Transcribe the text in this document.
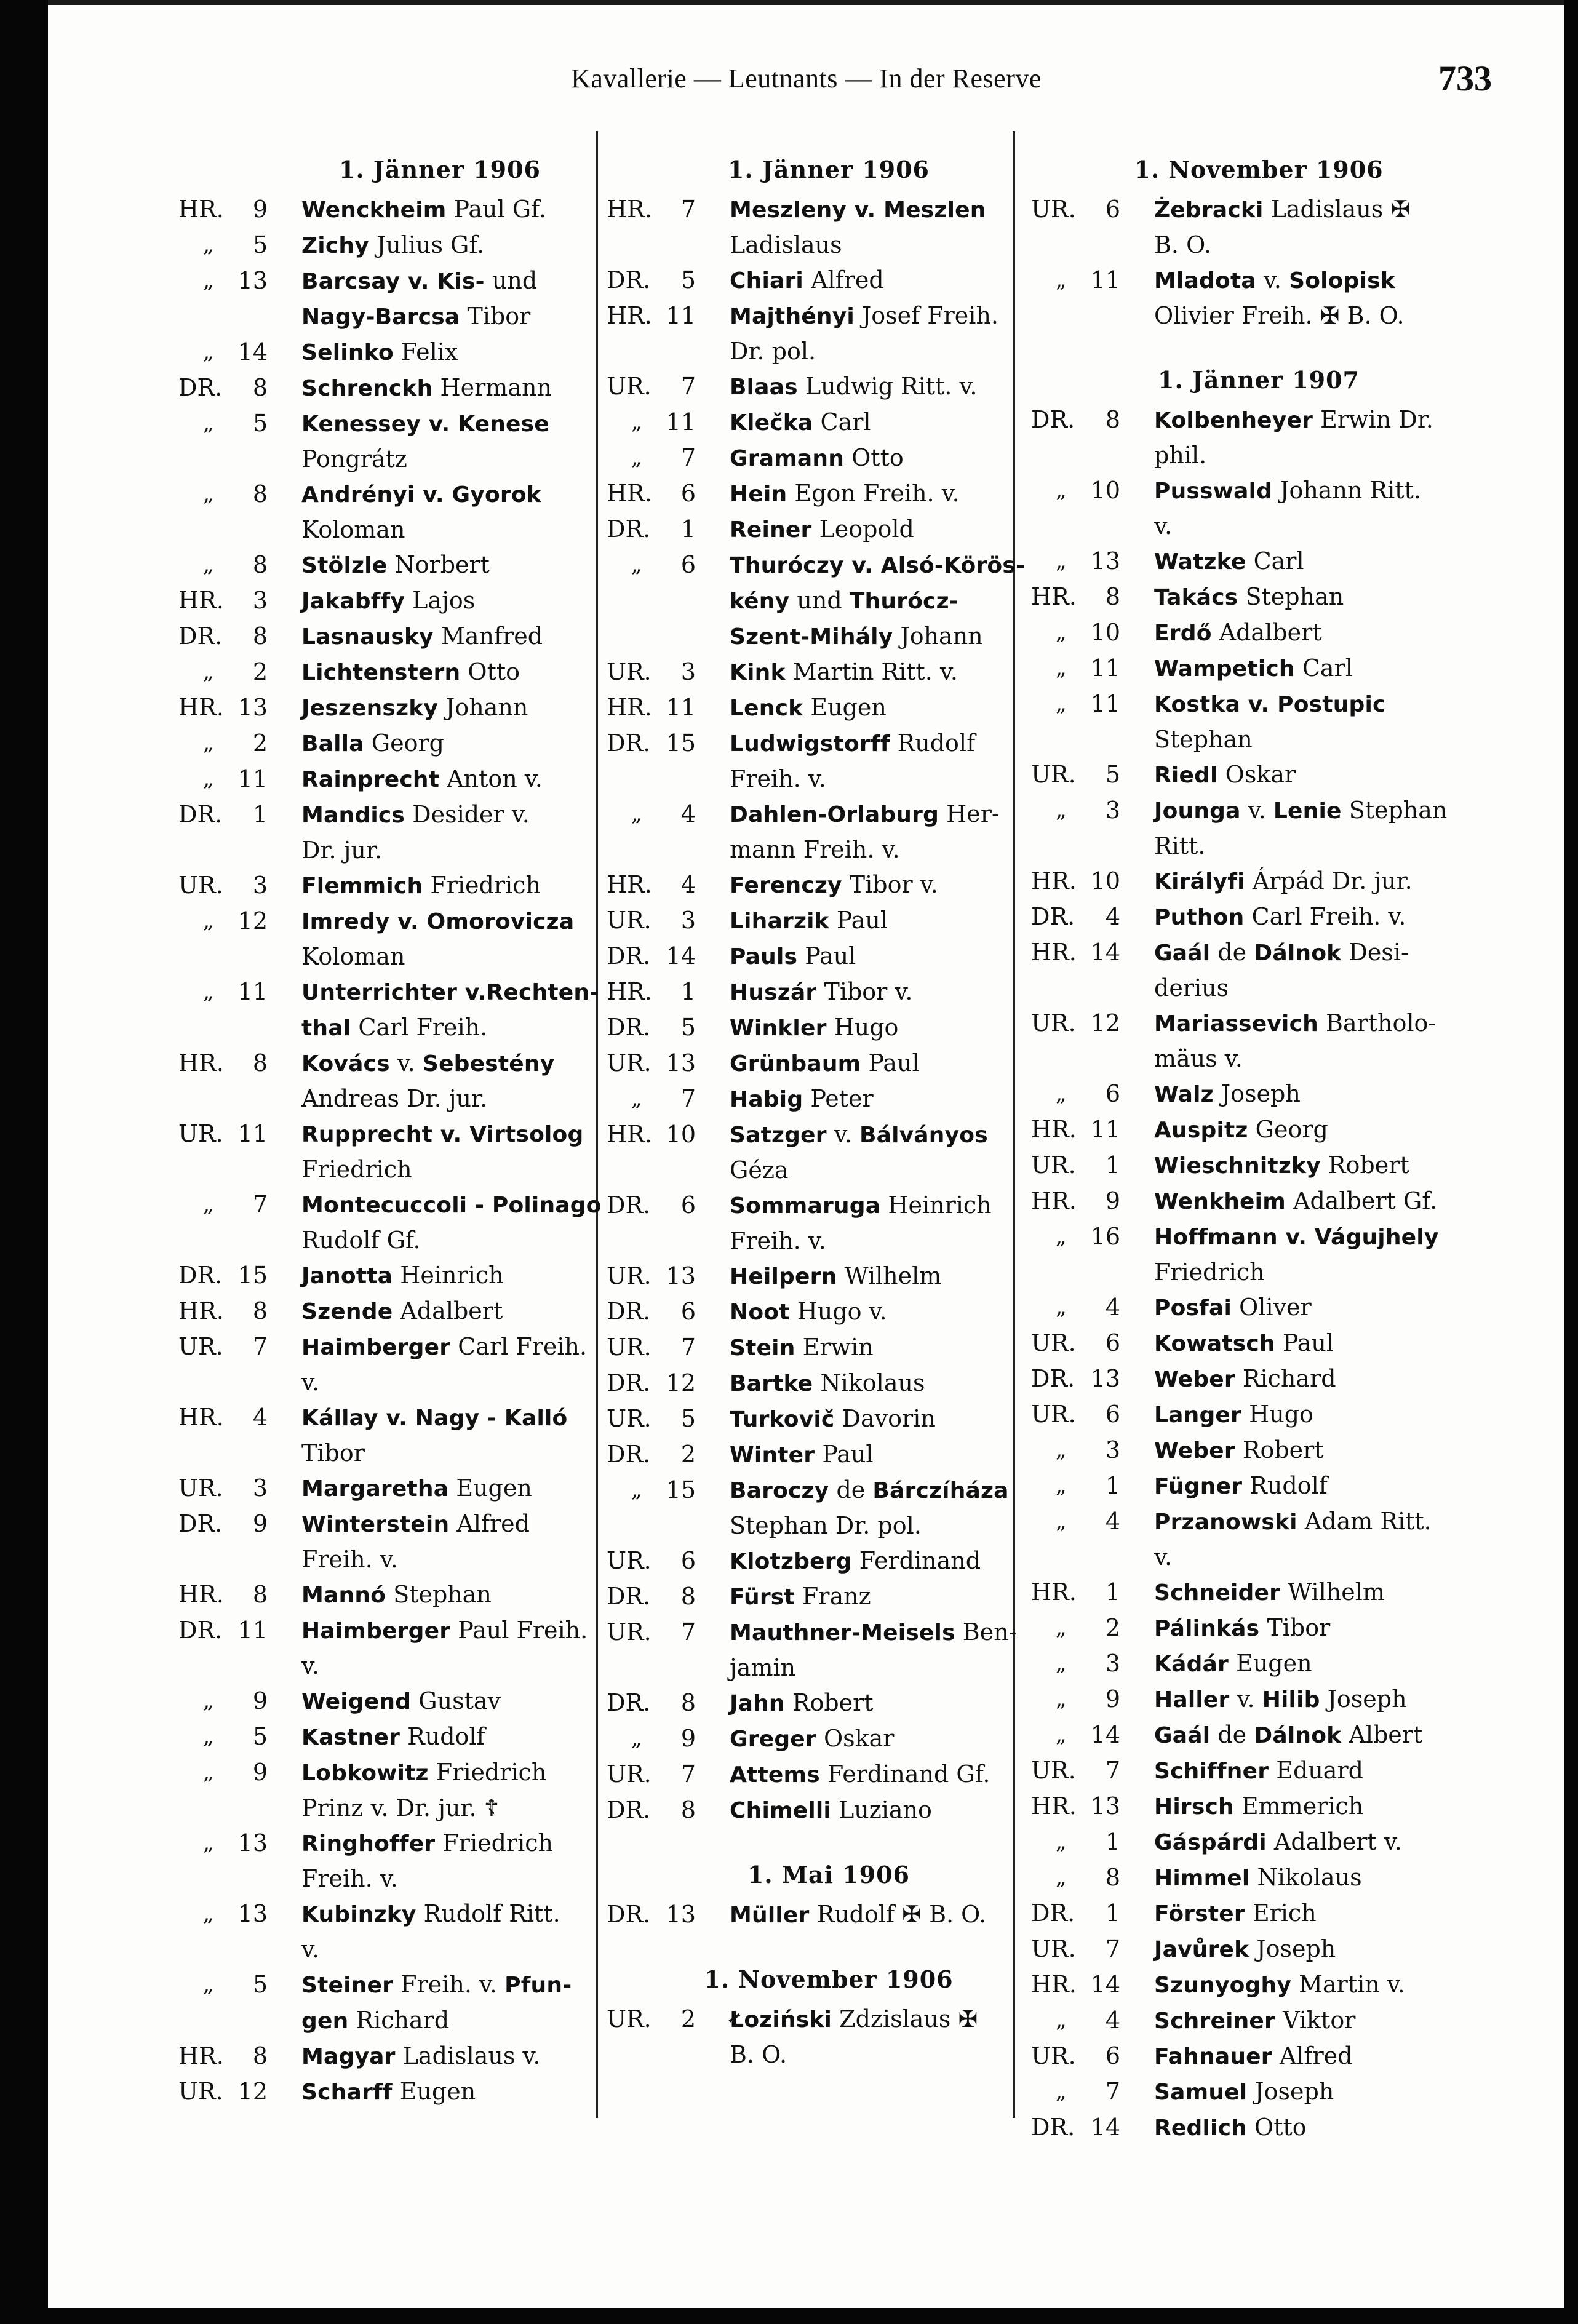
Kavallerie — Leutnants — In der Reserve	733
1. Jänner 1906
HR.	9 Wenckheim Paul Gf.
„	5 Zichy Julius Gf.
„	13 Barcsay v. Kis- und
Nagy-Barcsa Tibor
„	14 Selinko Felix
DR.	8 Schrenckh Hermann
„	5 Kenessey v. Kenese
Pongrátz
„	8 Andrényi v. Gyorok
Koloman
„	8 Stölzle Norbert
HR.	3 Jakabffy Lajos
DR.	8 Lasnausky Manfred
„	2 Lichtenstern Otto
HR. 13 Jeszenszky Johann
„	2 Balla Georg
„	11 Rainprecht Anton v.
DR.	1 Mandics Desider v.
Dr. jur.
UR.	3 Flemmich Friedrich
„	12 Imredy v. Omorovicza
Koloman
„	11 Unterrichter v.Rechten-
thal Carl Freih.
HR.	8 Kovács v. Sebestény
Andreas Dr. jur.
UR. 11 Rupprecht v. Virtsolog
Friedrich
„	7 Montecuccoli - Polinago
Rudolf Gf.
DR. 15 Janotta Heinrich
HR.	8 Szende Adalbert
UR.	7 Haimberger Carl Freih.
v.
HR.	4 Kállay v. Nagy - Kalló
Tibor
UR.	3 Margaretha Eugen
DR.	9 Winterstein Alfred
Freih. v.
HR.	8 Mannó Stephan
DR. 11 Haimberger Paul Freih.
v.
„	9 Weigend Gustav
„	5 Kastner Rudolf
„	9 Lobkowitz Friedrich
Prinz v. Dr. jur. ☦
„	13 Ringhoffer Friedrich
Freih. v.
„	13 Kubinzky Rudolf Ritt.
v.
„	5 Steiner Freih. v. Pfun-
gen Richard
HR.	8 Magyar Ladislaus v.
UR. 12 Scharff Eugen
1. Jänner 1906
HR.	7 Meszleny v. Meszlen
Ladislaus
DR.	5 Chiari Alfred
HR. 11 Majthényi Josef Freih.
Dr. pol.
UR.	7 Blaas Ludwig Ritt. v.
„	11 Klečka Carl
„	7 Gramann Otto
HR.	6 Hein Egon Freih. v.
DR.	1 Reiner Leopold
„	6 Thuróczy v. Alsó-Körös-
kény und Thurócz-
Szent-Mihály Johann
UR.	3 Kink Martin Ritt. v.
HR. 11 Lenck Eugen
DR. 15 Ludwigstorff Rudolf
Freih. v.
„	4 Dahlen-Orlaburg Her-
mann Freih. v.
HR.	4 Ferenczy Tibor v.
UR.	3 Liharzik Paul
DR. 14 Pauls Paul
HR.	1 Huszár Tibor v.
DR.	5 Winkler Hugo
UR. 13 Grünbaum Paul
„	7 Habig Peter
HR. 10 Satzger v. Bálványos
Géza
DR.	6 Sommaruga Heinrich
Freih. v.
UR. 13 Heilpern Wilhelm
DR.	6 Noot Hugo v.
UR.	7 Stein Erwin
DR. 12 Bartke Nikolaus
UR.	5 Turkovič Davorin
DR.	2 Winter Paul
„	15 Baroczy de Bárczíháza
Stephan Dr. pol.
UR.	6 Klotzberg Ferdinand
DR.	8 Fürst Franz
UR.	7 Mauthner-Meisels Ben-
jamin
DR.	8 Jahn Robert
„	9 Greger Oskar
UR.	7 Attems Ferdinand Gf.
DR.	8 Chimelli Luziano
1. Mai 1906
DR. 13 Müller Rudolf ✠ B. O.
1. November 1906
UR.	2 Łoziński Zdzislaus ✠
B. O.
1. November 1906
UR.	6 Żebracki Ladislaus ✠
B. O.
„	11 Mladota v. Solopisk
Olivier Freih. ✠ B. O.
1. Jänner 1907
DR.	8 Kolbenheyer Erwin Dr.
phil.
„	10 Pusswald Johann Ritt.
v.
„	13 Watzke Carl
HR.	8 Takács Stephan
„	10 Erdő Adalbert
„	11 Wampetich Carl
„	11 Kostka v. Postupic
Stephan
UR.	5 Riedl Oskar
„	3 Jounga v. Lenie Stephan
Ritt.
HR. 10 Királyfi Árpád Dr. jur.
DR.	4 Puthon Carl Freih. v.
HR. 14 Gaál de Dálnok Desi-
derius
UR. 12 Mariassevich Bartholo-
mäus v.
„	6 Walz Joseph
HR. 11 Auspitz Georg
UR.	1 Wieschnitzky Robert
HR.	9 Wenkheim Adalbert Gf.
„	16 Hoffmann v. Vágujhely
Friedrich
„	4 Posfai Oliver
UR.	6 Kowatsch Paul
DR. 13 Weber Richard
UR.	6 Langer Hugo
„	3 Weber Robert
„	1 Fügner Rudolf
„	4 Przanowski Adam Ritt.
v.
HR.	1 Schneider Wilhelm
„	2 Pálinkás Tibor
„	3 Kádár Eugen
„	9 Haller v. Hilib Joseph
„	14 Gaál de Dálnok Albert
UR.	7 Schiffner Eduard
HR. 13 Hirsch Emmerich
„	1 Gáspárdi Adalbert v.
„	8 Himmel Nikolaus
DR.	1 Förster Erich
UR.	7 Javůrek Joseph
HR. 14 Szunyoghy Martin v.
„	4 Schreiner Viktor
UR.	6 Fahnauer Alfred
„	7 Samuel Joseph
DR. 14 Redlich Otto
